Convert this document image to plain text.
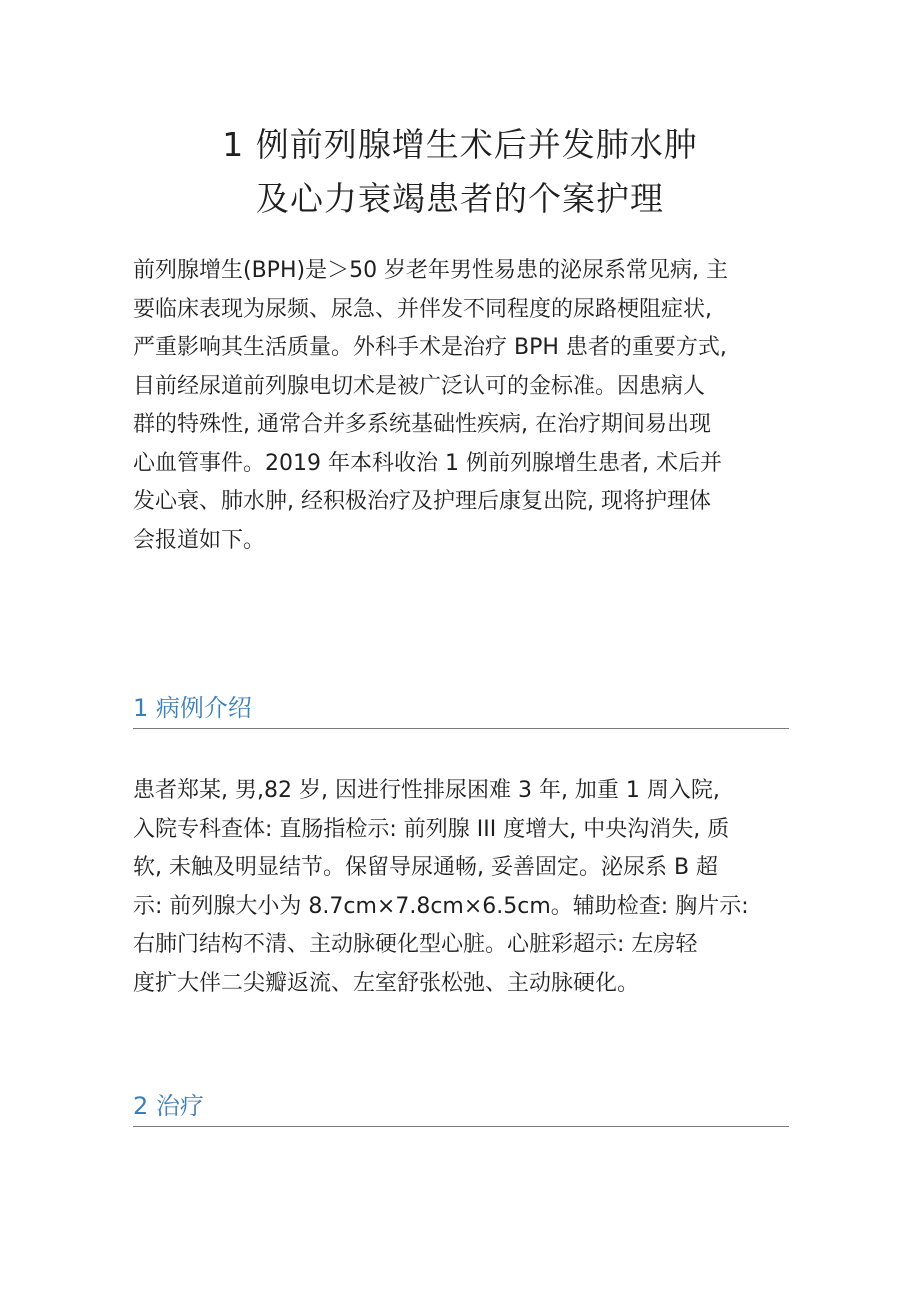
1 例前列腺增生术后并发肺水肿
及心力衰竭患者的个案护理

前列腺增生(BPH)是＞50 岁老年男性易患的泌尿系常见病, 主
要临床表现为尿频、尿急、并伴发不同程度的尿路梗阻症状,
严重影响其生活质量。外科手术是治疗 BPH 患者的重要方式,
目前经尿道前列腺电切术是被广泛认可的金标准。因患病人
群的特殊性, 通常合并多系统基础性疾病, 在治疗期间易出现
心血管事件。2019 年本科收治 1 例前列腺增生患者, 术后并
发心衰、肺水肿, 经积极治疗及护理后康复出院, 现将护理体
会报道如下。

1 病例介绍

患者郑某, 男,82 岁, 因进行性排尿困难 3 年, 加重 1 周入院,
入院专科查体: 直肠指检示: 前列腺 III 度增大, 中央沟消失, 质
软, 未触及明显结节。保留导尿通畅, 妥善固定。泌尿系 B 超
示: 前列腺大小为 8.7cm×7.8cm×6.5cm。辅助检查: 胸片示:
右肺门结构不清、主动脉硬化型心脏。心脏彩超示: 左房轻
度扩大伴二尖瓣返流、左室舒张松弛、主动脉硬化。

2 治疗
